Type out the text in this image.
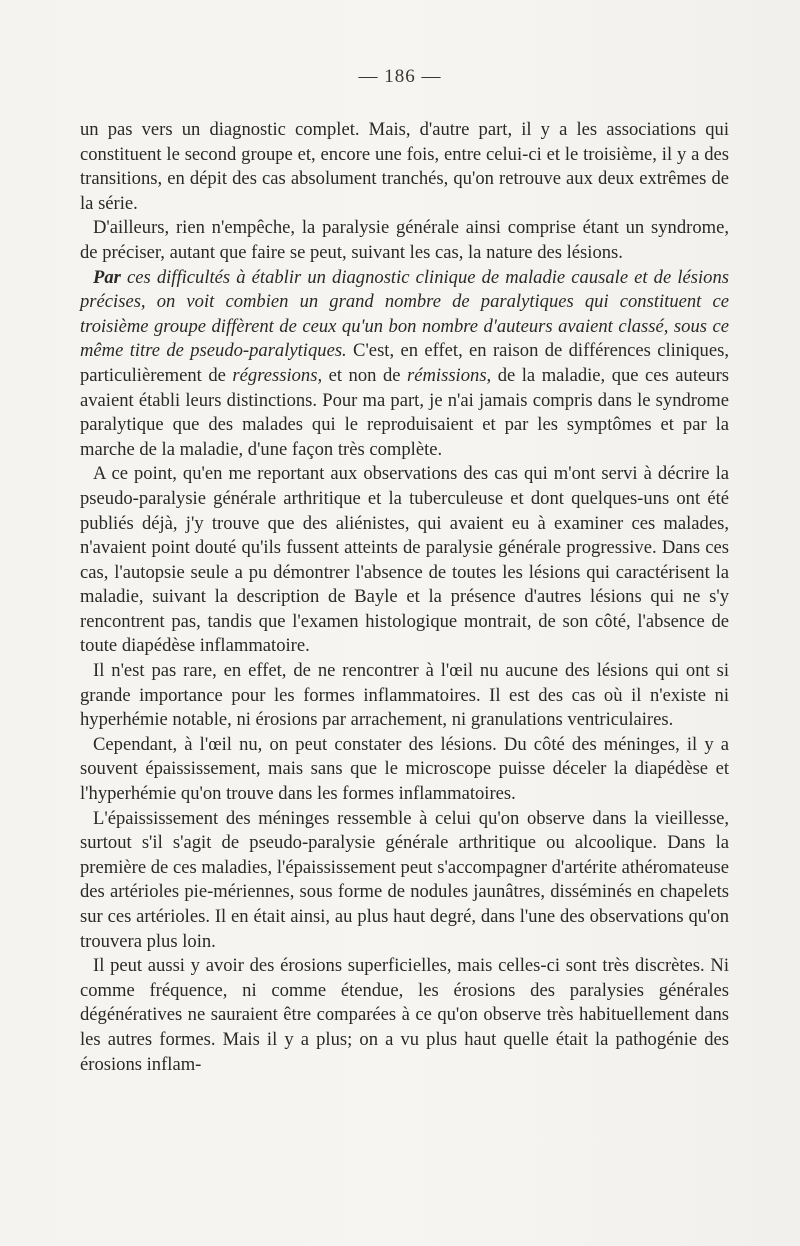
— 186 —

un pas vers un diagnostic complet. Mais, d'autre part, il y a les associations qui constituent le second groupe et, encore une fois, entre celui-ci et le troisième, il y a des transitions, en dépit des cas absolument tranchés, qu'on retrouve aux deux extrêmes de la série.

D'ailleurs, rien n'empêche, la paralysie générale ainsi comprise étant un syndrome, de préciser, autant que faire se peut, suivant les cas, la nature des lésions.

Par ces difficultés à établir un diagnostic clinique de maladie causale et de lésions précises, on voit combien un grand nombre de paralytiques qui constituent ce troisième groupe diffèrent de ceux qu'un bon nombre d'auteurs avaient classé, sous ce même titre de pseudo-paralytiques. C'est, en effet, en raison de différences cliniques, particulièrement de régressions, et non de rémissions, de la maladie, que ces auteurs avaient établi leurs distinctions. Pour ma part, je n'ai jamais compris dans le syndrome paralytique que des malades qui le reproduisaient et par les symptômes et par la marche de la maladie, d'une façon très complète.

A ce point, qu'en me reportant aux observations des cas qui m'ont servi à décrire la pseudo-paralysie générale arthritique et la tuberculeuse et dont quelques-uns ont été publiés déjà, j'y trouve que des aliénistes, qui avaient eu à examiner ces malades, n'avaient point douté qu'ils fussent atteints de paralysie générale progressive. Dans ces cas, l'autopsie seule a pu démontrer l'absence de toutes les lésions qui caractérisent la maladie, suivant la description de Bayle et la présence d'autres lésions qui ne s'y rencontrent pas, tandis que l'examen histologique montrait, de son côté, l'absence de toute diapédèse inflammatoire.

Il n'est pas rare, en effet, de ne rencontrer à l'œil nu aucune des lésions qui ont si grande importance pour les formes inflammatoires. Il est des cas où il n'existe ni hyperhémie notable, ni érosions par arrachement, ni granulations ventriculaires.

Cependant, à l'œil nu, on peut constater des lésions. Du côté des méninges, il y a souvent épaississement, mais sans que le microscope puisse déceler la diapédèse et l'hyperhémie qu'on trouve dans les formes inflammatoires.

L'épaississement des méninges ressemble à celui qu'on observe dans la vieillesse, surtout s'il s'agit de pseudo-paralysie générale arthritique ou alcoolique. Dans la première de ces maladies, l'épaississement peut s'accompagner d'artérite athéromateuse des artérioles pie-mériennes, sous forme de nodules jaunâtres, disséminés en chapelets sur ces artérioles. Il en était ainsi, au plus haut degré, dans l'une des observations qu'on trouvera plus loin.

Il peut aussi y avoir des érosions superficielles, mais celles-ci sont très discrètes. Ni comme fréquence, ni comme étendue, les érosions des paralysies générales dégénératives ne sauraient être comparées à ce qu'on observe très habituellement dans les autres formes. Mais il y a plus; on a vu plus haut quelle était la pathogénie des érosions inflam-
